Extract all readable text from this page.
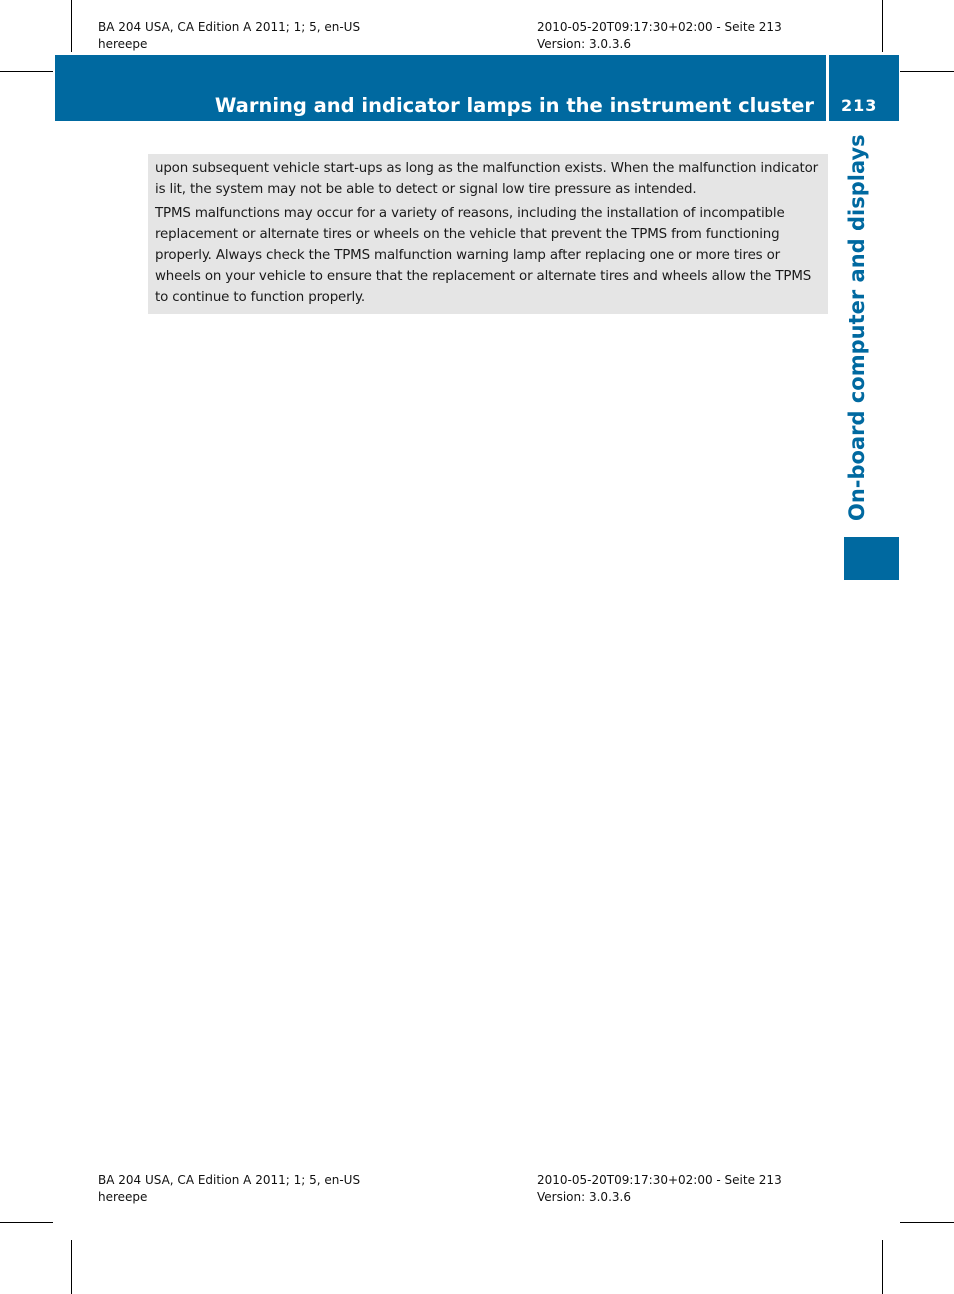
BA 204 USA, CA Edition A 2011; 1; 5, en-US
hereepe
2010-05-20T09:17:30+02:00 - Seite 213
Version: 3.0.3.6
BA 204 USA, CA Edition A 2011; 1; 5, en-US
hereepe
2010-05-20T09:17:30+02:00 - Seite 213
Version: 3.0.3.6
Warning and indicator lamps in the instrument cluster 213
On-board computer and displays

upon subsequent vehicle start-ups as long as the malfunction exists. When the malfunction indicator is lit, the system may not be able to detect or signal low tire pressure as intended.

TPMS malfunctions may occur for a variety of reasons, including the installation of incompatible replacement or alternate tires or wheels on the vehicle that prevent the TPMS from functioning properly. Always check the TPMS malfunction warning lamp after replacing one or more tires or wheels on your vehicle to ensure that the replacement or alternate tires and wheels allow the TPMS to continue to function properly.
